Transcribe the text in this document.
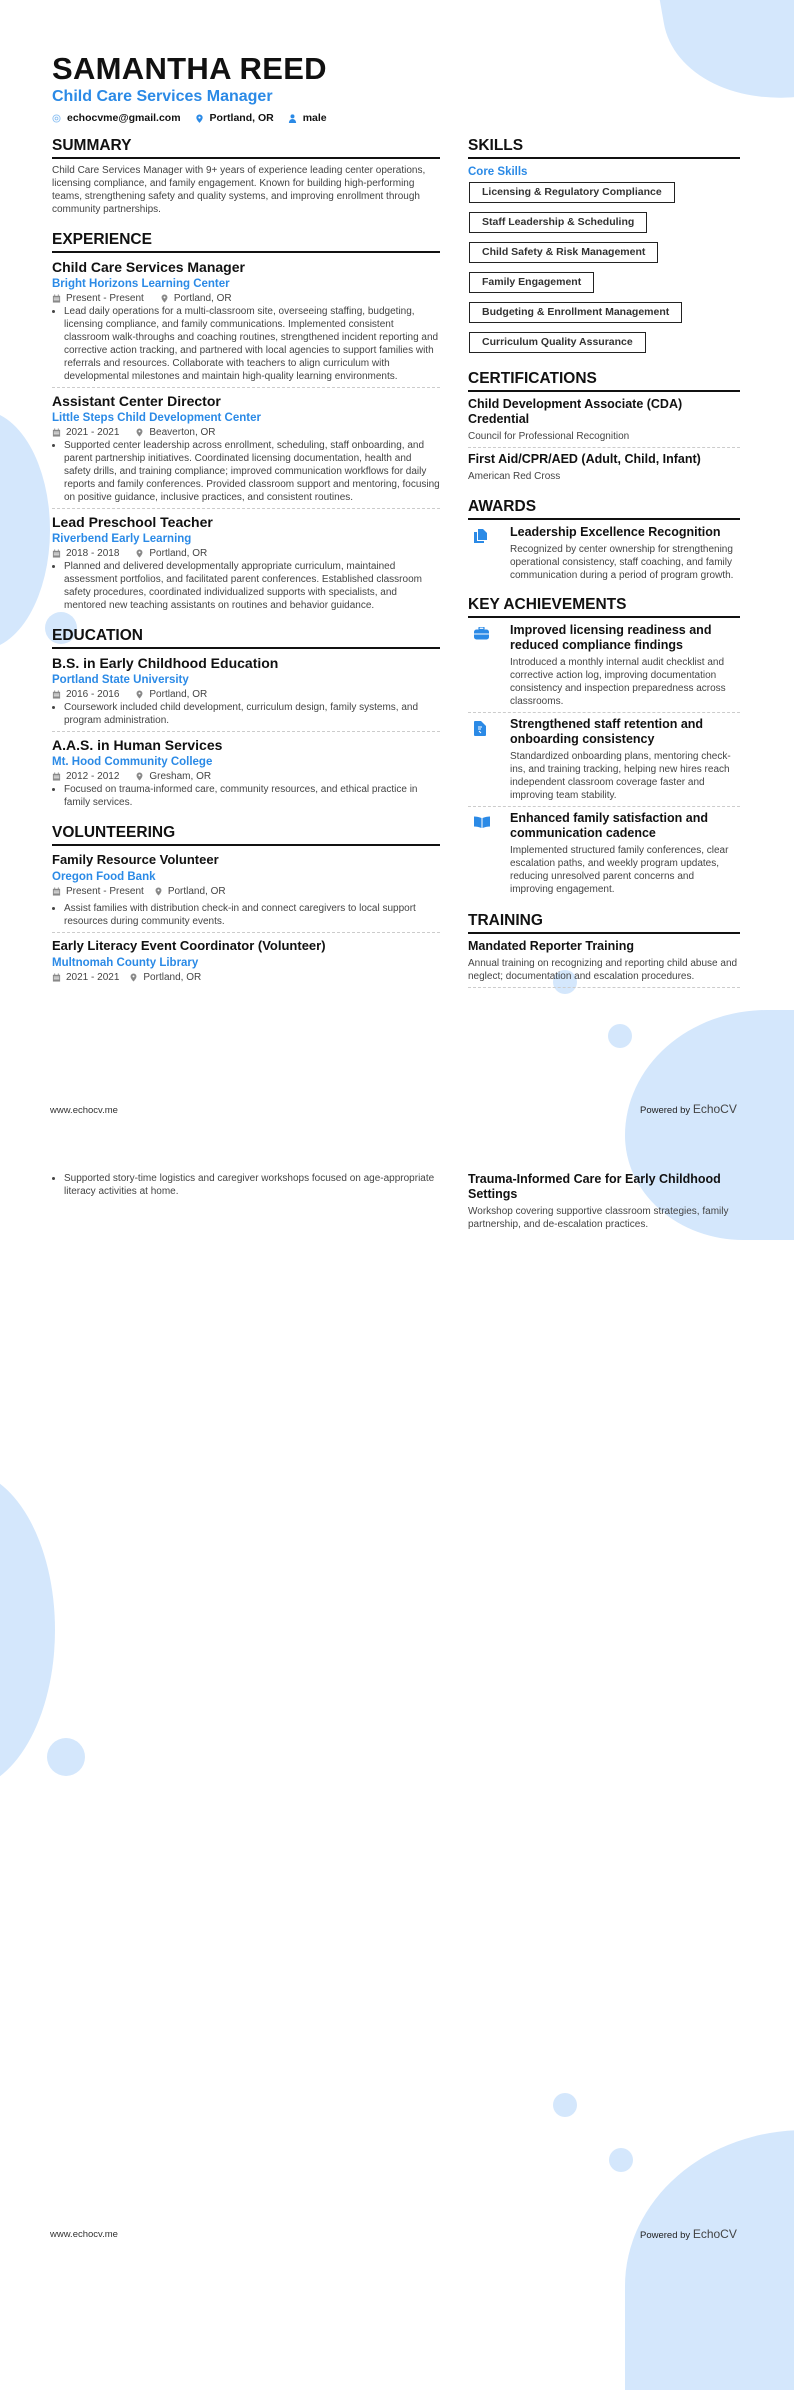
SAMANTHA REED
Child Care Services Manager
echocvme@gmail.com	Portland, OR	male
SUMMARY
Child Care Services Manager with 9+ years of experience leading center operations, licensing compliance, and family engagement. Known for building high-performing teams, strengthening safety and quality systems, and improving enrollment through community partnerships.
EXPERIENCE
Child Care Services Manager
Bright Horizons Learning Center
Present - Present	Portland, OR
• Lead daily operations for a multi-classroom site, overseeing staffing, budgeting, licensing compliance, and family communications. Implemented consistent classroom walk-throughs and coaching routines, strengthened incident reporting and corrective action tracking, and partnered with local agencies to support families with referrals and resources. Collaborate with teachers to align curriculum with developmental milestones and maintain high-quality learning environments.
Assistant Center Director
Little Steps Child Development Center
2021 - 2021	Beaverton, OR
• Supported center leadership across enrollment, scheduling, staff onboarding, and parent partnership initiatives. Coordinated licensing documentation, health and safety drills, and training compliance; improved communication workflows for daily reports and family conferences. Provided classroom support and mentoring, focusing on positive guidance, inclusive practices, and consistent routines.
Lead Preschool Teacher
Riverbend Early Learning
2018 - 2018	Portland, OR
• Planned and delivered developmentally appropriate curriculum, maintained assessment portfolios, and facilitated parent conferences. Established classroom safety procedures, coordinated individualized supports with specialists, and mentored new teaching assistants on routines and behavior guidance.
EDUCATION
B.S. in Early Childhood Education
Portland State University
2016 - 2016	Portland, OR
• Coursework included child development, curriculum design, family systems, and program administration.
A.A.S. in Human Services
Mt. Hood Community College
2012 - 2012	Gresham, OR
• Focused on trauma-informed care, community resources, and ethical practice in family services.
VOLUNTEERING
Family Resource Volunteer
Oregon Food Bank
Present - Present Portland, OR
• Assist families with distribution check-in and connect caregivers to local support resources during community events.
Early Literacy Event Coordinator (Volunteer)
Multnomah County Library
2021 - 2021 Portland, OR
SKILLS
Core Skills
Licensing & Regulatory Compliance
Staff Leadership & Scheduling
Child Safety & Risk Management
Family Engagement
Budgeting & Enrollment Management
Curriculum Quality Assurance
CERTIFICATIONS
Child Development Associate (CDA) Credential
Council for Professional Recognition
First Aid/CPR/AED (Adult, Child, Infant)
American Red Cross
AWARDS
Leadership Excellence Recognition
Recognized by center ownership for strengthening operational consistency, staff coaching, and family communication during a period of program growth.
KEY ACHIEVEMENTS
Improved licensing readiness and reduced compliance findings
Introduced a monthly internal audit checklist and corrective action log, improving documentation consistency and inspection preparedness across classrooms.
Strengthened staff retention and onboarding consistency
Standardized onboarding plans, mentoring check-ins, and training tracking, helping new hires reach independent classroom coverage faster and improving team stability.
Enhanced family satisfaction and communication cadence
Implemented structured family conferences, clear escalation paths, and weekly program updates, reducing unresolved parent concerns and improving engagement.
TRAINING
Mandated Reporter Training
Annual training on recognizing and reporting child abuse and neglect; documentation and escalation procedures.
www.echocv.me	Powered by EchoCV
• Supported story-time logistics and caregiver workshops focused on age-appropriate literacy activities at home.
Trauma-Informed Care for Early Childhood Settings
Workshop covering supportive classroom strategies, family partnership, and de-escalation practices.
www.echocv.me	Powered by EchoCV
